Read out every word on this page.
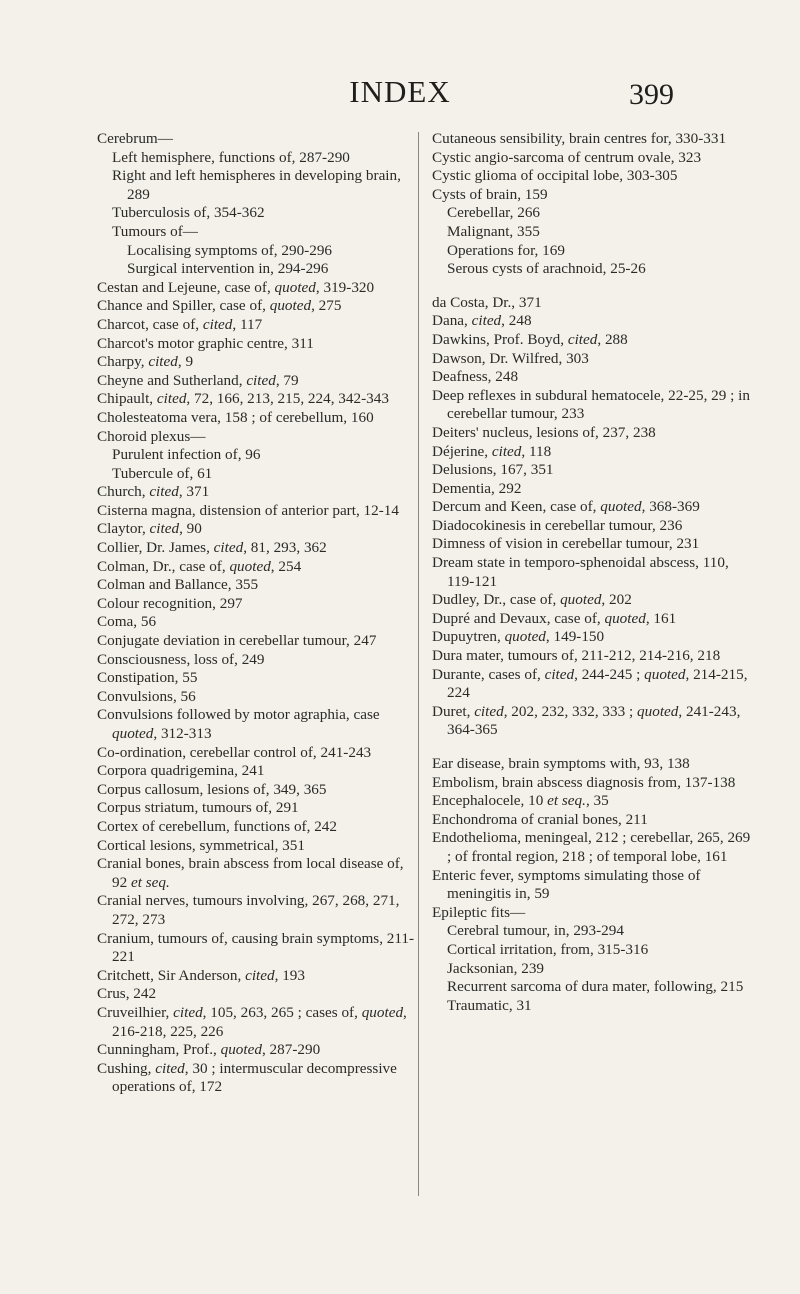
INDEX	399
Cerebrum—
Left hemisphere, functions of, 287-290
Right and left hemispheres in developing brain, 289
Tuberculosis of, 354-362
Tumours of—
Localising symptoms of, 290-296
Surgical intervention in, 294-296
Cestan and Lejeune, case of, quoted, 319-320
Chance and Spiller, case of, quoted, 275
Charcot, case of, cited, 117
Charcot's motor graphic centre, 311
Charpy, cited, 9
Cheyne and Sutherland, cited, 79
Chipault, cited, 72, 166, 213, 215, 224, 342-343
Cholesteatoma vera, 158 ; of cerebellum, 160
Choroid plexus—
Purulent infection of, 96
Tubercule of, 61
Church, cited, 371
Cisterna magna, distension of anterior part, 12-14
Claytor, cited, 90
Collier, Dr. James, cited, 81, 293, 362
Colman, Dr., case of, quoted, 254
Colman and Ballance, 355
Colour recognition, 297
Coma, 56
Conjugate deviation in cerebellar tumour, 247
Consciousness, loss of, 249
Constipation, 55
Convulsions, 56
Convulsions followed by motor agraphia, case quoted, 312-313
Co-ordination, cerebellar control of, 241-243
Corpora quadrigemina, 241
Corpus callosum, lesions of, 349, 365
Corpus striatum, tumours of, 291
Cortex of cerebellum, functions of, 242
Cortical lesions, symmetrical, 351
Cranial bones, brain abscess from local disease of, 92 et seq.
Cranial nerves, tumours involving, 267, 268, 271, 272, 273
Cranium, tumours of, causing brain symptoms, 211-221
Critchett, Sir Anderson, cited, 193
Crus, 242
Cruveilhier, cited, 105, 263, 265 ; cases of, quoted, 216-218, 225, 226
Cunningham, Prof., quoted, 287-290
Cushing, cited, 30 ; intermuscular decompressive operations of, 172
Cutaneous sensibility, brain centres for, 330-331
Cystic angio-sarcoma of centrum ovale, 323
Cystic glioma of occipital lobe, 303-305
Cysts of brain, 159
Cerebellar, 266
Malignant, 355
Operations for, 169
Serous cysts of arachnoid, 25-26
da Costa, Dr., 371
Dana, cited, 248
Dawkins, Prof. Boyd, cited, 288
Dawson, Dr. Wilfred, 303
Deafness, 248
Deep reflexes in subdural hematocele, 22-25, 29 ; in cerebellar tumour, 233
Deiters' nucleus, lesions of, 237, 238
Déjerine, cited, 118
Delusions, 167, 351
Dementia, 292
Dercum and Keen, case of, quoted, 368-369
Diadocokinesis in cerebellar tumour, 236
Dimness of vision in cerebellar tumour, 231
Dream state in temporo-sphenoidal abscess, 110, 119-121
Dudley, Dr., case of, quoted, 202
Dupré and Devaux, case of, quoted, 161
Dupuytren, quoted, 149-150
Dura mater, tumours of, 211-212, 214-216, 218
Durante, cases of, cited, 244-245 ; quoted, 214-215, 224
Duret, cited, 202, 232, 332, 333 ; quoted, 241-243, 364-365
Ear disease, brain symptoms with, 93, 138
Embolism, brain abscess diagnosis from, 137-138
Encephalocele, 10 et seq., 35
Enchondroma of cranial bones, 211
Endothelioma, meningeal, 212 ; cerebellar, 265, 269 ; of frontal region, 218 ; of temporal lobe, 161
Enteric fever, symptoms simulating those of meningitis in, 59
Epileptic fits—
Cerebral tumour, in, 293-294
Cortical irritation, from, 315-316
Jacksonian, 239
Recurrent sarcoma of dura mater, following, 215
Traumatic, 31
